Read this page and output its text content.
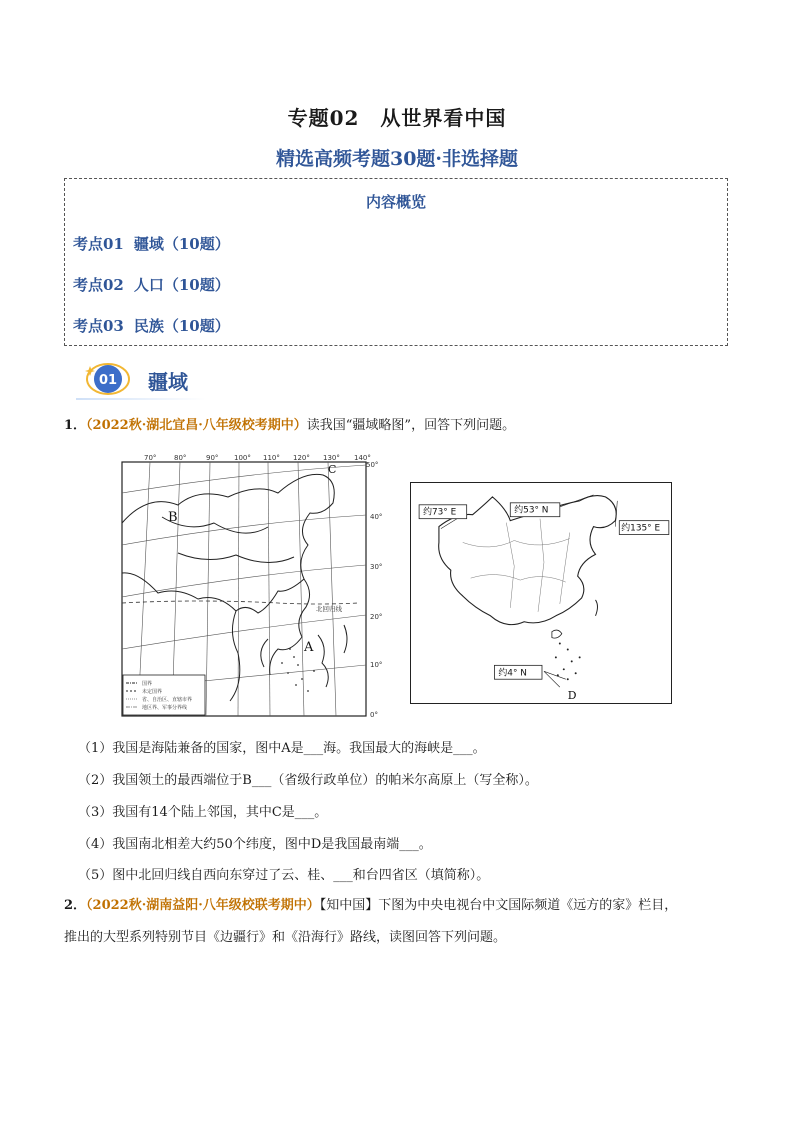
专题02　从世界看中国
精选高频考题30题·非选择题
内容概览
考点01 疆域（10题）
考点02 人口（10题）
考点03 民族（10题）
01 疆域
1．（2022秋·湖北宜昌·八年级校考期中）读我国“疆域略图”，回答下列问题。
70°	80°	90° 100° 110° 120° 130° 140°
50°
40°
30°
20°
10°
0°
北回归线
B
A
C
国界
未定国界
省、自治区、直辖市界
地区界、军事分界线
约73° E	约53° N
约135° E
约4° N
D
（1）我国是海陆兼备的国家，图中A是___海。我国最大的海峡是___。
（2）我国领土的最西端位于B___（省级行政单位）的帕米尔高原上（写全称）。
（3）我国有14个陆上邻国，其中C是___。
（4）我国南北相差大约50个纬度，图中D是我国最南端___。
（5）图中北回归线自西向东穿过了云、桂、___和台四省区（填简称）。
2．（2022秋·湖南益阳·八年级校联考期中）【知中国】下图为中央电视台中文国际频道《远方的家》栏目，
推出的大型系列特别节目《边疆行》和《沿海行》路线，读图回答下列问题。
